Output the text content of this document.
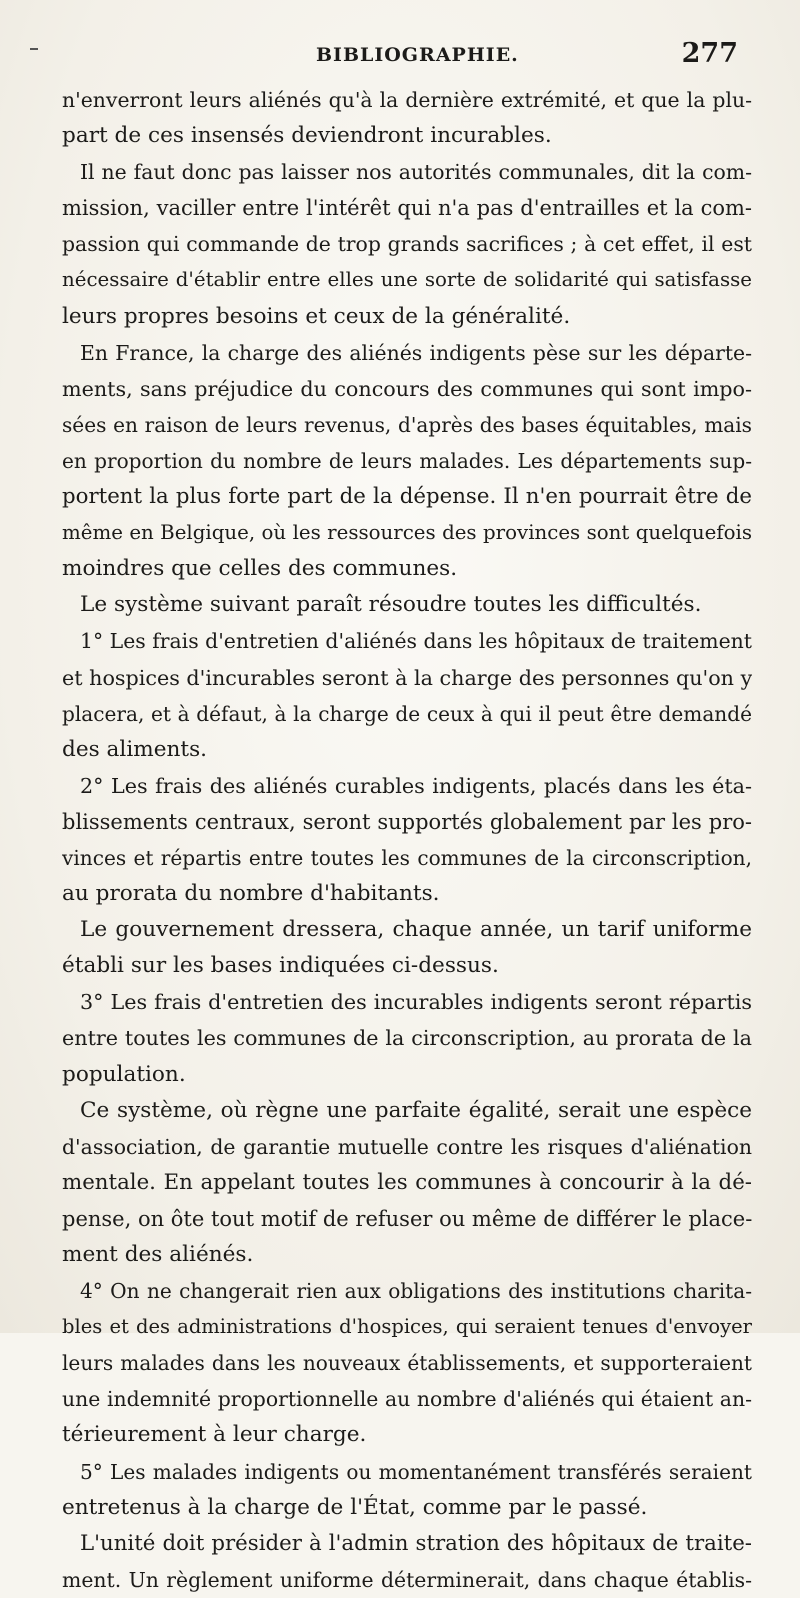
BIBLIOGRAPHIE.	277
n'enverront leurs aliénés qu'à la dernière extrémité, et que la plu-
part de ces insensés deviendront incurables.
Il ne faut donc pas laisser nos autorités communales, dit la com-
mission, vaciller entre l'intérêt qui n'a pas d'entrailles et la com-
passion qui commande de trop grands sacrifices ; à cet effet, il est
nécessaire d'établir entre elles une sorte de solidarité qui satisfasse
leurs propres besoins et ceux de la généralité.
En France, la charge des aliénés indigents pèse sur les départe-
ments, sans préjudice du concours des communes qui sont impo-
sées en raison de leurs revenus, d'après des bases équitables, mais
en proportion du nombre de leurs malades. Les départements sup-
portent la plus forte part de la dépense. Il n'en pourrait être de
même en Belgique, où les ressources des provinces sont quelquefois
moindres que celles des communes.
Le système suivant paraît résoudre toutes les difficultés.
1° Les frais d'entretien d'aliénés dans les hôpitaux de traitement
et hospices d'incurables seront à la charge des personnes qu'on y
placera, et à défaut, à la charge de ceux à qui il peut être demandé
des aliments.
2° Les frais des aliénés curables indigents, placés dans les éta-
blissements centraux, seront supportés globalement par les pro-
vinces et répartis entre toutes les communes de la circonscription,
au prorata du nombre d'habitants.
Le gouvernement dressera, chaque année, un tarif uniforme
établi sur les bases indiquées ci-dessus.
3° Les frais d'entretien des incurables indigents seront répartis
entre toutes les communes de la circonscription, au prorata de la
population.
Ce système, où règne une parfaite égalité, serait une espèce
d'association, de garantie mutuelle contre les risques d'aliénation
mentale. En appelant toutes les communes à concourir à la dé-
pense, on ôte tout motif de refuser ou même de différer le place-
ment des aliénés.
4° On ne changerait rien aux obligations des institutions charita-
bles et des administrations d'hospices, qui seraient tenues d'envoyer
leurs malades dans les nouveaux établissements, et supporteraient
une indemnité proportionnelle au nombre d'aliénés qui étaient an-
térieurement à leur charge.
5° Les malades indigents ou momentanément transférés seraient
entretenus à la charge de l'État, comme par le passé.
L'unité doit présider à l'admin stration des hôpitaux de traite-
ment. Un règlement uniforme déterminerait, dans chaque établis-
